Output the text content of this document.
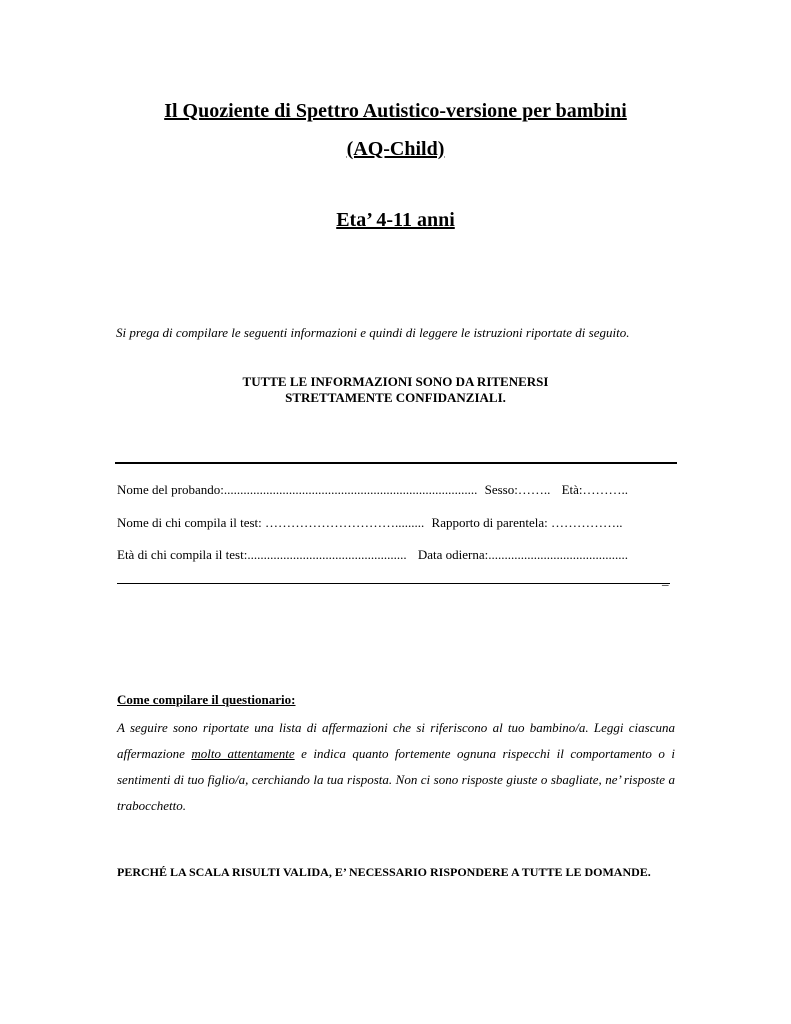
Il Quoziente di Spettro Autistico-versione per bambini
(AQ-Child)
Eta’ 4-11 anni
Si prega di compilare le seguenti informazioni e quindi di leggere le istruzioni riportate di seguito.
TUTTE LE INFORMAZIONI SONO DA RITENERSI
STRETTAMENTE CONFIDANZIALI.
Nome del probando:.............................................................................. Sesso:…….. Età:………..
Nome di chi compila il test: …………………………......... Rapporto di parentela: ……………..
Età di chi compila il test:................................................. Data odierna:...........................................
_
Come compilare il questionario:
A seguire sono riportate una lista di affermazioni che si riferiscono al tuo bambino/a. Leggi ciascuna affermazione molto attentamente e indica quanto fortemente ognuna rispecchi il comportamento o i sentimenti di tuo figlio/a, cerchiando la tua risposta. Non ci sono risposte giuste o sbagliate, ne’ risposte a trabocchetto.
PERCHÉ LA SCALA RISULTI VALIDA, E’ NECESSARIO RISPONDERE A TUTTE LE DOMANDE.
